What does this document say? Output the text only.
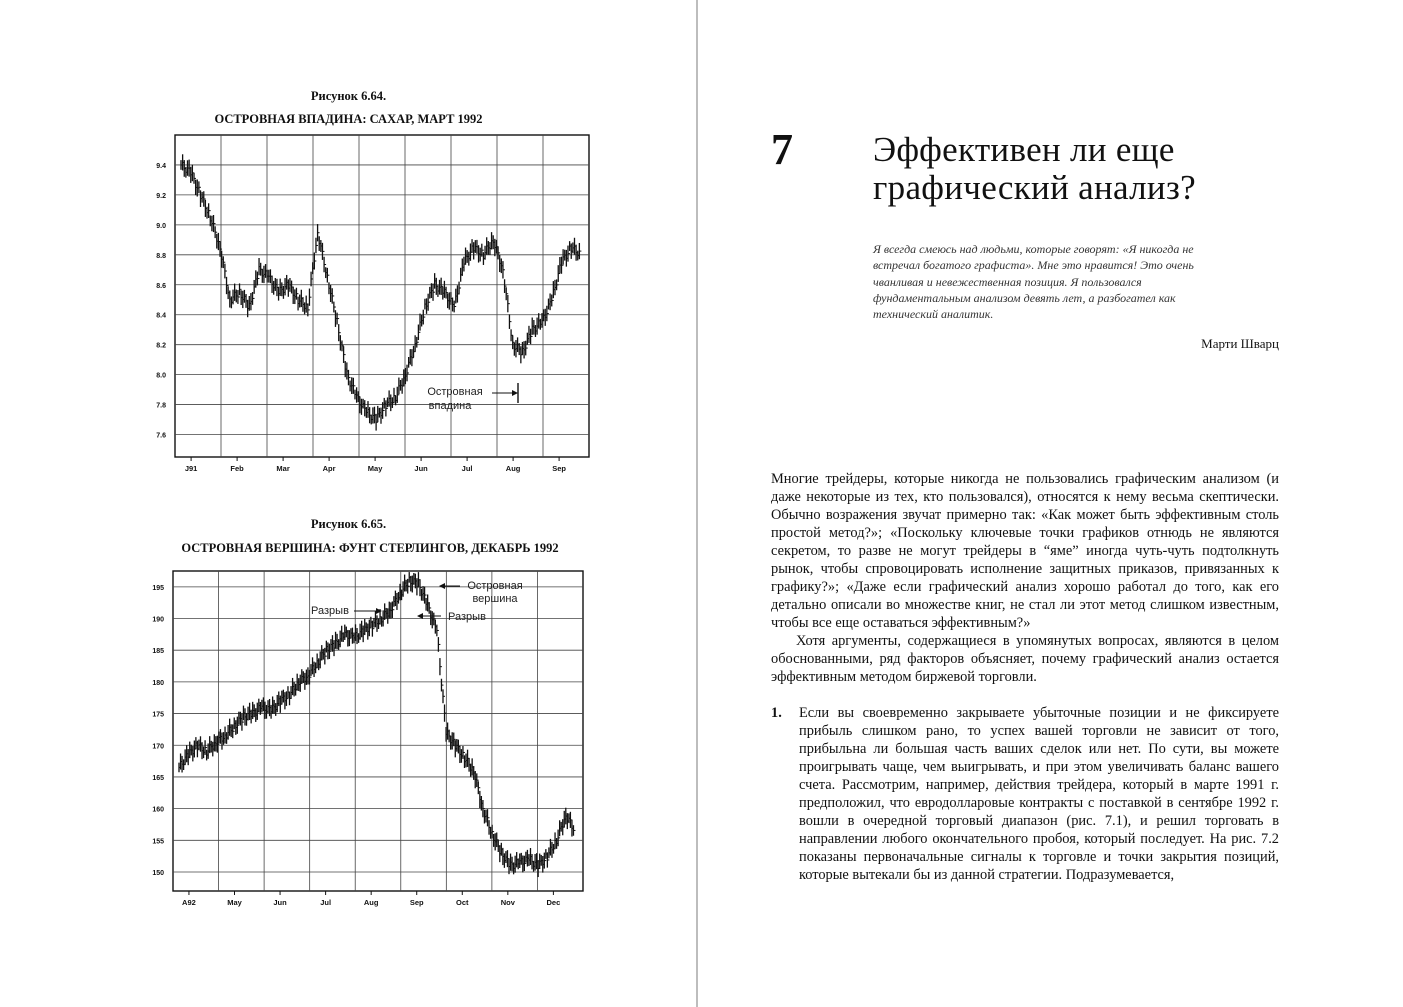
Рисунок 6.64.
ОСТРОВНАЯ ВПАДИНА: САХАР, МАРТ 1992
9.4
9.2
9.0
8.8
8.6
8.4
8.2
8.0
7.8
7.6
J91	Feb	Mar	Apr	May	Jun	Jul	Aug	Sep
Островная
впадина
Рисунок 6.65.
ОСТРОВНАЯ ВЕРШИНА: ФУНТ СТЕРЛИНГОВ, ДЕКАБРЬ 1992
195
190
185
180
175
170
165
160
155
150
A92	May	Jun	Jul	Aug	Sep	Oct	Nov	Dec
Островная
вершина
Разрыв	Разрыв
7 Эффективен ли еще графический анализ?
Я всегда смеюсь над людьми, которые говорят: «Я никогда не встречал богатого графиста». Мне это нравится! Это очень чванливая и невежественная позиция. Я пользовался фундаментальным анализом девять лет, а разбогател как технический аналитик.
Марти Шварц

Многие трейдеры, которые никогда не пользовались графическим анализом (и даже некоторые из тех, кто пользовался), относятся к нему весьма скептически. Обычно возражения звучат примерно так: «Как может быть эффективным столь простой метод?»; «Поскольку ключевые точки графиков отнюдь не являются секретом, то разве не могут трейдеры в “яме” иногда чуть-чуть подтолкнуть рынок, чтобы спровоцировать исполнение защитных приказов, привязанных к графику?»; «Даже если графический анализ хорошо работал до того, как его детально описали во множестве книг, не стал ли этот метод слишком известным, чтобы все еще оставаться эффективным?»

Хотя аргументы, содержащиеся в упомянутых вопросах, являются в целом обоснованными, ряд факторов объясняет, почему графический анализ остается эффективным методом биржевой торговли.

1. Если вы своевременно закрываете убыточные позиции и не фиксируете прибыль слишком рано, то успех вашей торговли не зависит от того, прибыльна ли большая часть ваших сделок или нет. По сути, вы можете проигрывать чаще, чем выигрывать, и при этом увеличивать баланс вашего счета. Рассмотрим, например, действия трейдера, который в марте 1991 г. предположил, что евродолларовые контракты с поставкой в сентябре 1992 г. вошли в очередной торговый диапазон (рис. 7.1), и решил торговать в направлении любого окончательного пробоя, который последует. На рис. 7.2 показаны первоначальные сигналы к торговле и точки закрытия позиций, которые вытекали бы из данной стратегии. Подразумевается,
